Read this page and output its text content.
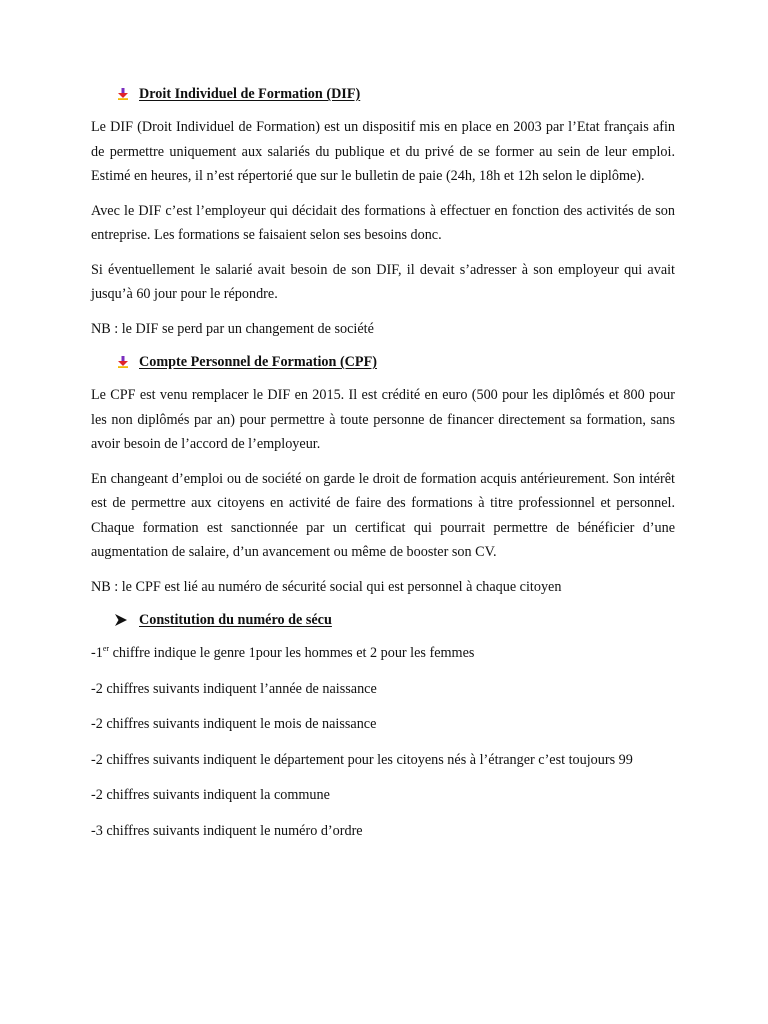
Droit Individuel de Formation (DIF)

Le DIF (Droit Individuel de Formation) est un dispositif mis en place en 2003 par l’Etat français afin de permettre uniquement aux salariés du publique et du privé de se former au sein de leur emploi. Estimé en heures, il n’est répertorié que sur le bulletin de paie (24h, 18h et 12h selon le diplôme).

Avec le DIF c’est l’employeur qui décidait des formations à effectuer en fonction des activités de son entreprise. Les formations se faisaient selon ses besoins donc.

Si éventuellement le salarié avait besoin de son DIF, il devait s’adresser à son employeur qui avait jusqu’à 60 jour pour le répondre.

NB : le DIF se perd par un changement de société

Compte Personnel de Formation (CPF)

Le CPF est venu remplacer le DIF en 2015. Il est crédité en euro (500 pour les diplômés et 800 pour les non diplômés par an) pour permettre à toute personne de financer directement sa formation, sans avoir besoin de l’accord de l’employeur.

En changeant d’emploi ou de société on garde le droit de formation acquis antérieurement. Son intérêt est de permettre aux citoyens en activité de faire des formations à titre professionnel et personnel. Chaque formation est sanctionnée par un certificat qui pourrait permettre de bénéficier d’une augmentation de salaire, d’un avancement ou même de booster son CV.

NB : le CPF est lié au numéro de sécurité social qui est personnel à chaque citoyen

Constitution du numéro de sécu

-1er chiffre indique le genre 1pour les hommes et 2 pour les femmes

-2 chiffres suivants indiquent l’année de naissance

-2 chiffres suivants indiquent le mois de naissance

-2 chiffres suivants indiquent le département pour les citoyens nés à l’étranger c’est toujours 99

-2 chiffres suivants indiquent la commune

-3 chiffres suivants indiquent le numéro d’ordre
